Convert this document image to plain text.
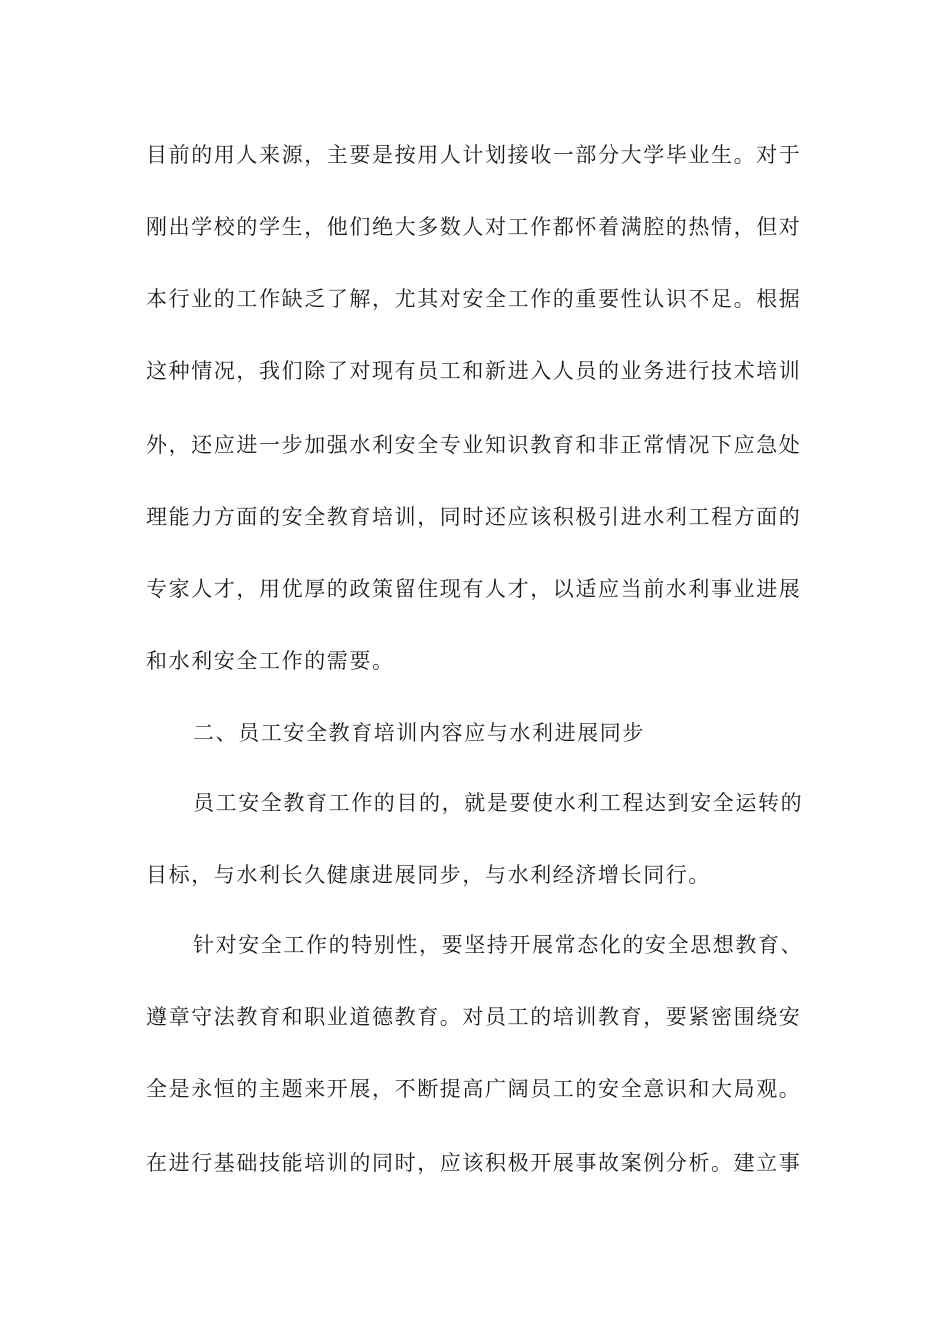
目前的用人来源，主要是按用人计划接收一部分大学毕业生。对于
刚出学校的学生，他们绝大多数人对工作都怀着满腔的热情，但对
本行业的工作缺乏了解，尤其对安全工作的重要性认识不足。根据
这种情况，我们除了对现有员工和新进入人员的业务进行技术培训
外，还应进一步加强水利安全专业知识教育和非正常情况下应急处
理能力方面的安全教育培训，同时还应该积极引进水利工程方面的
专家人才，用优厚的政策留住现有人才，以适应当前水利事业进展
和水利安全工作的需要。
二、员工安全教育培训内容应与水利进展同步
员工安全教育工作的目的，就是要使水利工程达到安全运转的
目标，与水利长久健康进展同步，与水利经济增长同行。
针对安全工作的特别性，要坚持开展常态化的安全思想教育、
遵章守法教育和职业道德教育。对员工的培训教育，要紧密围绕安
全是永恒的主题来开展，不断提高广阔员工的安全意识和大局观。
在进行基础技能培训的同时，应该积极开展事故案例分析。建立事
